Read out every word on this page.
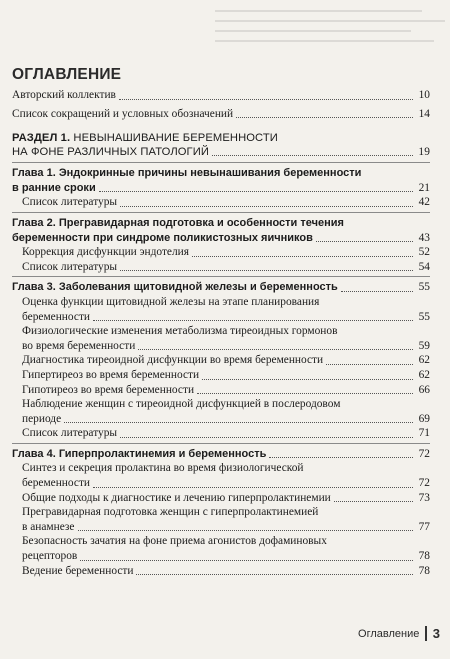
ОГЛАВЛЕНИЕ
Авторский коллектив	10
Список сокращений и условных обозначений	14
РАЗДЕЛ 1. НЕВЫНАШИВАНИЕ БЕРЕМЕННОСТИ
НА ФОНЕ РАЗЛИЧНЫХ ПАТОЛОГИЙ	19
Глава 1. Эндокринные причины невынашивания беременности
в ранние сроки	21
Список литературы	42
Глава 2. Прегравидарная подготовка и особенности течения
беременности при синдроме поликистозных яичников	43
Коррекция дисфункции эндотелия	52
Список литературы	54
Глава 3. Заболевания щитовидной железы и беременность	55
Оценка функции щитовидной железы на этапе планирования
беременности	55
Физиологические изменения метаболизма тиреоидных гормонов
во время беременности	59
Диагностика тиреоидной дисфункции во время беременности	62
Гипертиреоз во время беременности	62
Гипотиреоз во время беременности	66
Наблюдение женщин с тиреоидной дисфункцией в послеродовом
периоде	69
Список литературы	71
Глава 4. Гиперпролактинемия и беременность	72
Синтез и секреция пролактина во время физиологической
беременности	72
Общие подходы к диагностике и лечению гиперпролактинемии	73
Прегравидарная подготовка женщин с гиперпролактинемией
в анамнезе	77
Безопасность зачатия на фоне приема агонистов дофаминовых
рецепторов	78
Ведение беременности	78
Оглавление 3
